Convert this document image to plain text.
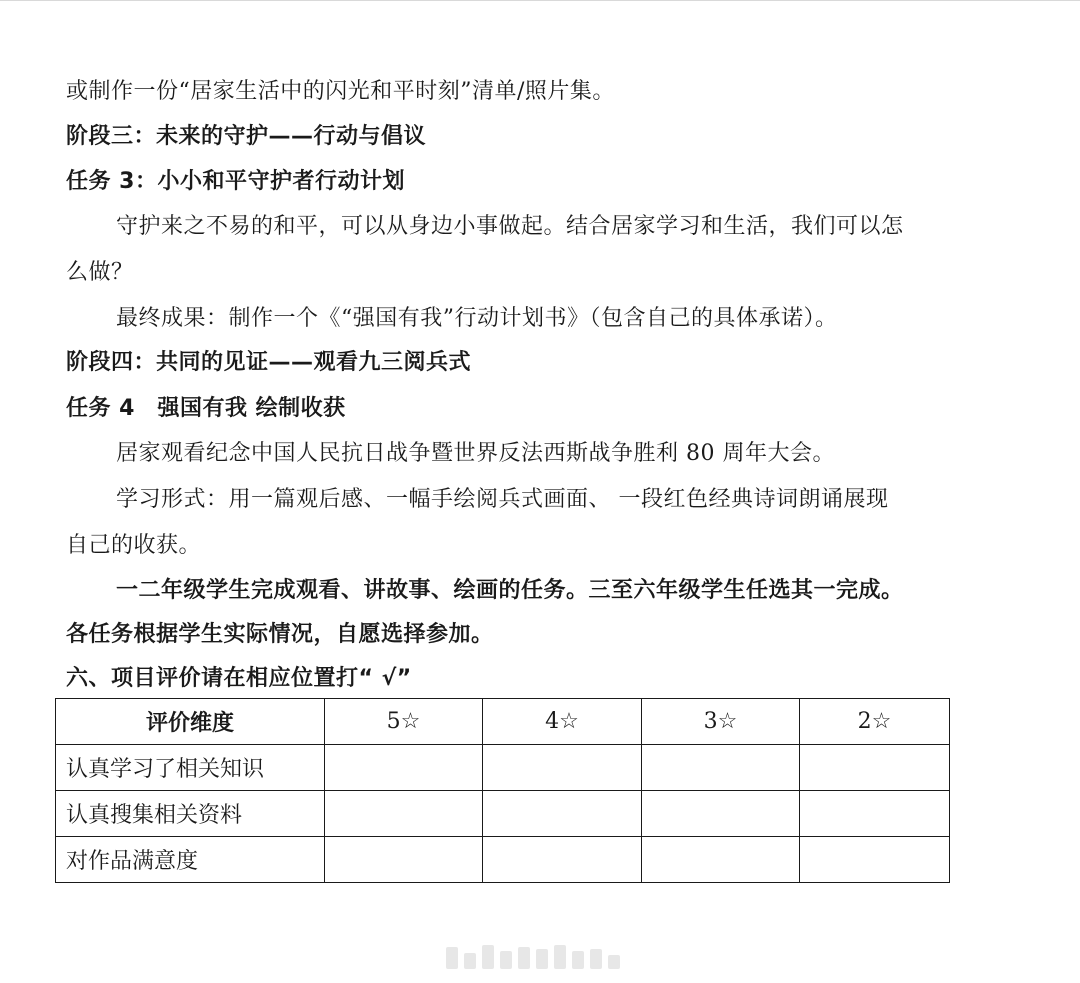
或制作一份“居家生活中的闪光和平时刻”清单/照片集。
阶段三：未来的守护——行动与倡议
任务 3：小小和平守护者行动计划
守护来之不易的和平，可以从身边小事做起。结合居家学习和生活，我们可以怎
么做？
最终成果：制作一个《“强国有我”行动计划书》（包含自己的具体承诺）。
阶段四：共同的见证——观看九三阅兵式
任务 4　强国有我 绘制收获
居家观看纪念中国人民抗日战争暨世界反法西斯战争胜利 80 周年大会。
学习形式：用一篇观后感、一幅手绘阅兵式画面、 一段红色经典诗词朗诵展现
自己的收获。
一二年级学生完成观看、讲故事、绘画的任务。三至六年级学生任选其一完成。
各任务根据学生实际情况，自愿选择参加。
六、项目评价请在相应位置打“ √”
评价维度	5☆	4☆	3☆	2☆
认真学习了相关知识				
认真搜集相关资料				
对作品满意度				
